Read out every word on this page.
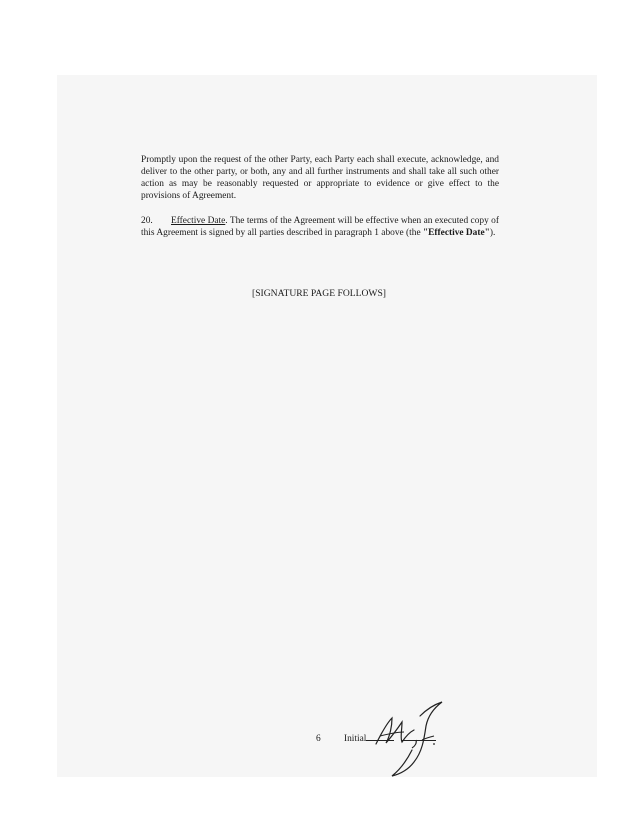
Promptly upon the request of the other Party, each Party each shall execute, acknowledge, and deliver to the other party, or both, any and all further instruments and shall take all such other action as may be reasonably requested or appropriate to evidence or give effect to the provisions of Agreement.

20. Effective Date. The terms of the Agreement will be effective when an executed copy of this Agreement is signed by all parties described in paragraph 1 above (the "Effective Date").

[SIGNATURE PAGE FOLLOWS]

6 Initial
